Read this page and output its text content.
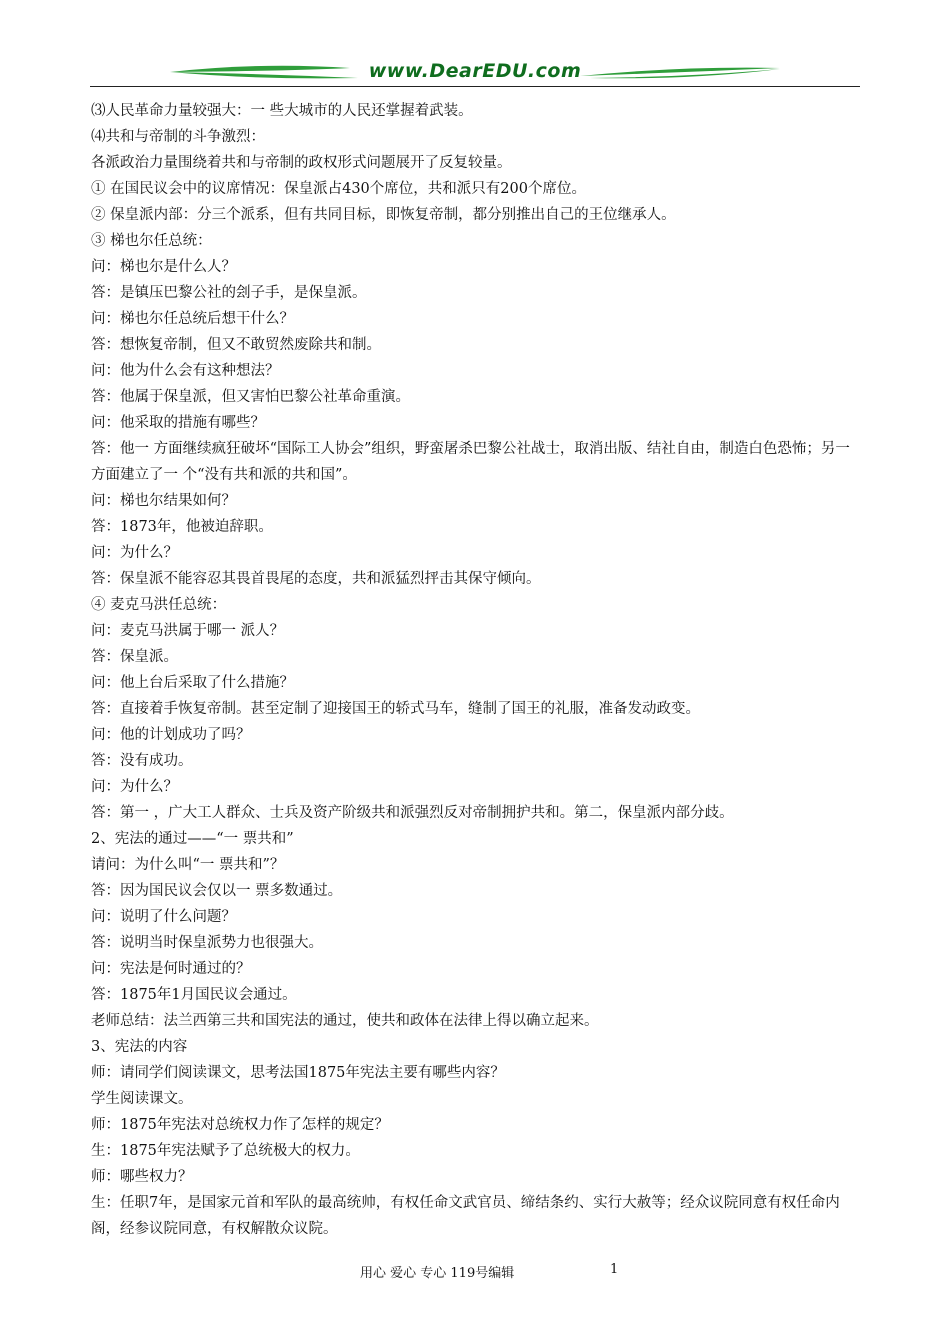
www.DearEDU.com
⑶人民革命力量较强大：一 些大城市的人民还掌握着武装。
⑷共和与帝制的斗争激烈：
各派政治力量围绕着共和与帝制的政权形式问题展开了反复较量。
① 在国民议会中的议席情况：保皇派占430个席位，共和派只有200个席位。
② 保皇派内部：分三个派系，但有共同目标，即恢复帝制，都分别推出自己的王位继承人。
③ 梯也尔任总统：
问：梯也尔是什么人？
答：是镇压巴黎公社的刽子手，是保皇派。
问：梯也尔任总统后想干什么？
答：想恢复帝制，但又不敢贸然废除共和制。
问：他为什么会有这种想法？
答：他属于保皇派，但又害怕巴黎公社革命重演。
问：他采取的措施有哪些？
答：他一 方面继续疯狂破坏“国际工人协会”组织，野蛮屠杀巴黎公社战士，取消出版、结社自由，制造白色恐怖；另一 方面建立了一 个“没有共和派的共和国”。
问：梯也尔结果如何？
答：1873年，他被迫辞职。
问：为什么？
答：保皇派不能容忍其畏首畏尾的态度，共和派猛烈抨击其保守倾向。
④ 麦克马洪任总统：
问：麦克马洪属于哪一 派人？
答：保皇派。
问：他上台后采取了什么措施？
答：直接着手恢复帝制。甚至定制了迎接国王的轿式马车，缝制了国王的礼服，准备发动政变。
问：他的计划成功了吗？
答：没有成功。
问：为什么？
答：第一 ，广大工人群众、士兵及资产阶级共和派强烈反对帝制拥护共和。第二，保皇派内部分歧。
2、宪法的通过——“一 票共和”
请问：为什么叫“一 票共和”？
答：因为国民议会仅以一 票多数通过。
问：说明了什么问题？
答：说明当时保皇派势力也很强大。
问：宪法是何时通过的？
答：1875年1月国民议会通过。
老师总结：法兰西第三共和国宪法的通过，使共和政体在法律上得以确立起来。
3、宪法的内容
师：请同学们阅读课文，思考法国1875年宪法主要有哪些内容？
学生阅读课文。
师：1875年宪法对总统权力作了怎样的规定？
生：1875年宪法赋予了总统极大的权力。
师：哪些权力？
生：任职7年，是国家元首和军队的最高统帅，有权任命文武官员、缔结条约、实行大赦等；经众议院同意有权任命内阁，经参议院同意，有权解散众议院。
用心 爱心 专心 119号编辑	1
